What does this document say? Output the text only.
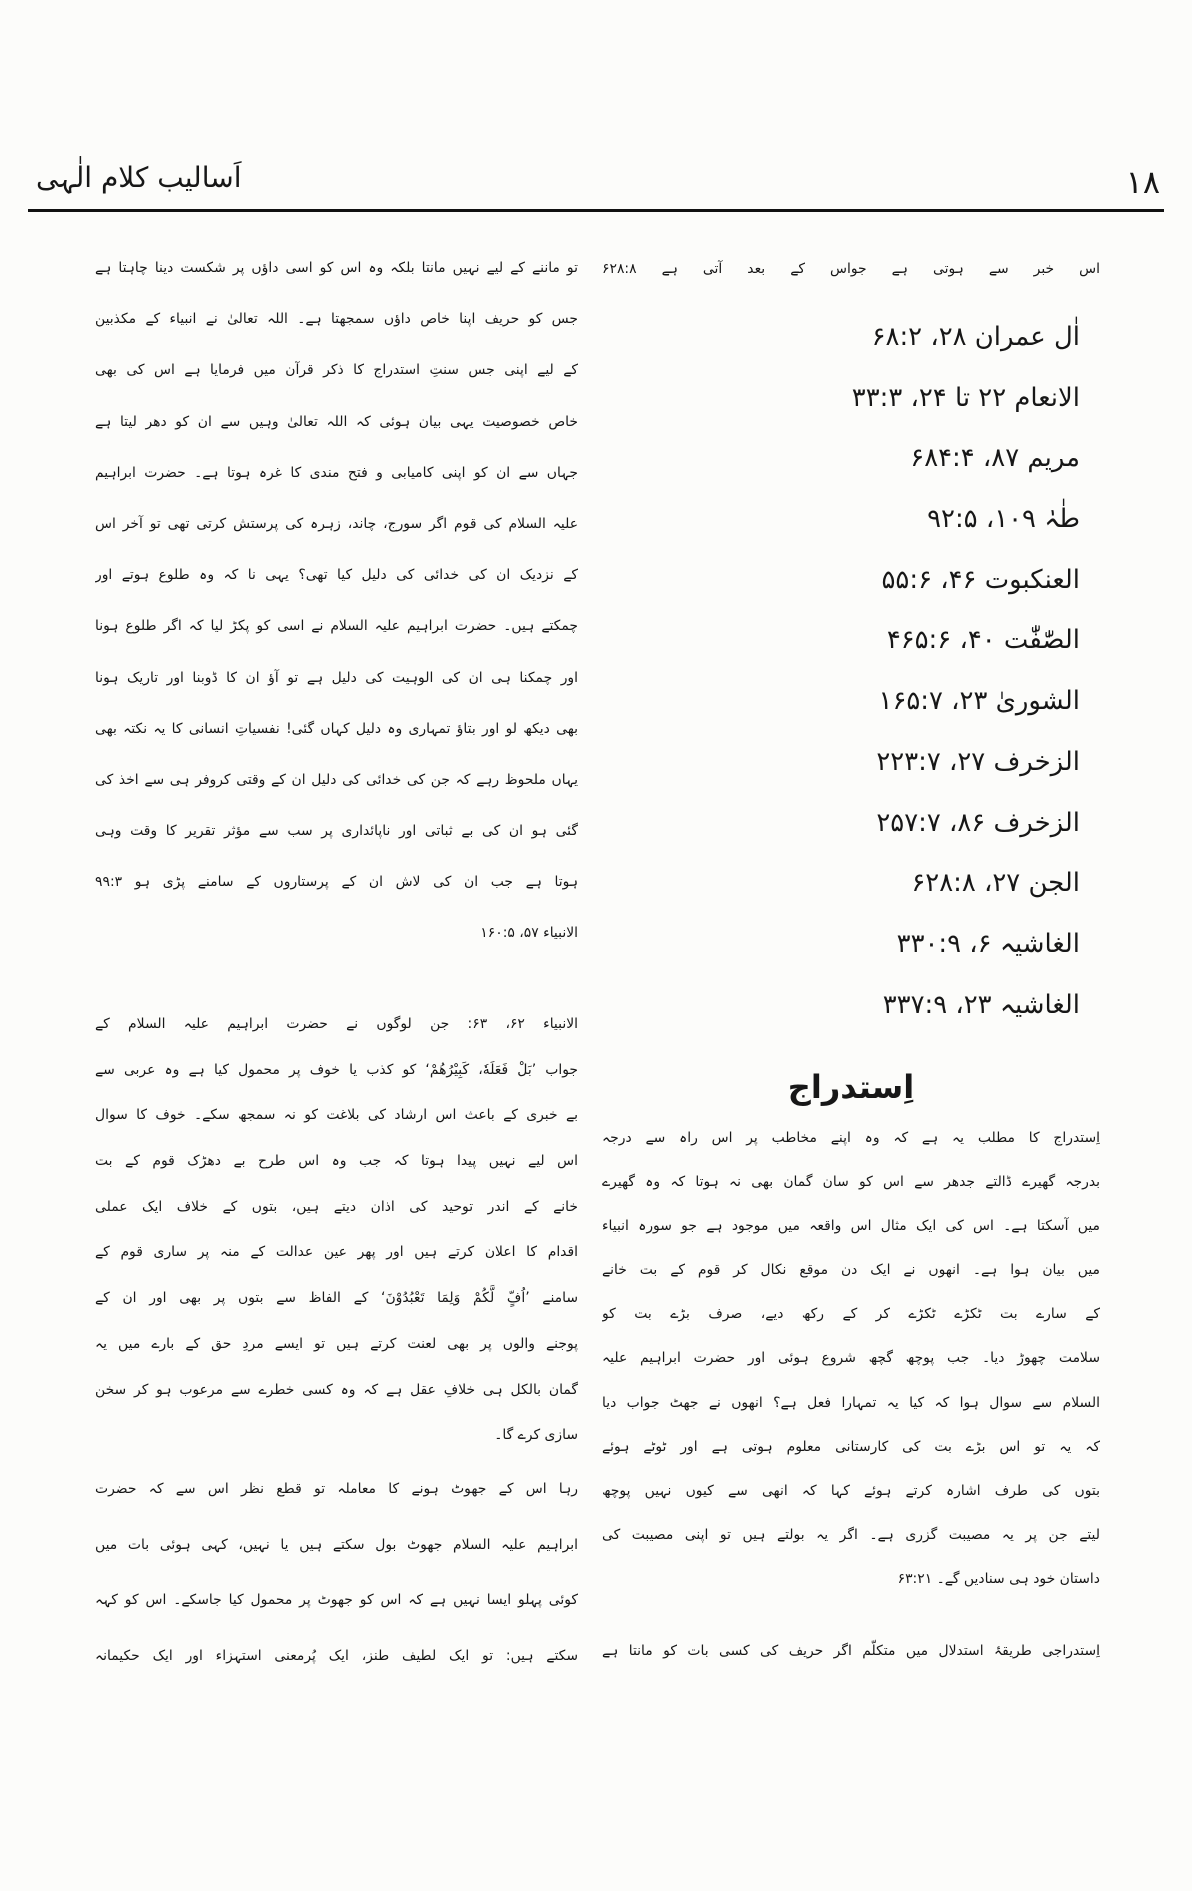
اَسالیب کلام الٰہی	۱۸
اس خبر سے ہوتی ہے جواس کے بعد آتی ہے ۶۲۸:۸
اٰل عمران ۲۸، ۶۸:۲
الانعام ۲۲ تا ۲۴، ۳۳:۳
مریم ۸۷، ۶۸۴:۴
طٰہٰ ۱۰۹، ۹۲:۵
العنکبوت ۴۶، ۵۵:۶
الصّٰفّٰت ۴۰، ۴۶۵:۶
الشوریٰ ۲۳، ۱۶۵:۷
الزخرف ۲۷، ۲۲۳:۷
الزخرف ۸۶، ۲۵۷:۷
الجن ۲۷، ۶۲۸:۸
الغاشیہ ۶، ۳۳۰:۹
الغاشیہ ۲۳، ۳۳۷:۹
اِستدراج
اِستدراج کا مطلب یہ ہے کہ وہ اپنے مخاطب پر اس راہ سے درجہ
بدرجہ گھیرے ڈالتے جدھر سے اس کو سان گمان بھی نہ ہوتا کہ وہ گھیرے
میں آسکتا ہے۔ اس کی ایک مثال اس واقعہ میں موجود ہے جو سورہ انبیاء
میں بیان ہوا ہے۔ انھوں نے ایک دن موقع نکال کر قوم کے بت خانے
کے سارے بت ٹکڑے ٹکڑے کر کے رکھ دیے، صرف بڑے بت کو
سلامت چھوڑ دیا۔ جب پوچھ گچھ شروع ہوئی اور حضرت ابراہیم علیہ
السلام سے سوال ہوا کہ کیا یہ تمہارا فعل ہے؟ انھوں نے جھٹ جواب دیا
کہ یہ تو اس بڑے بت کی کارستانی معلوم ہوتی ہے اور ٹوٹے ہوئے
بتوں کی طرف اشارہ کرتے ہوئے کہا کہ انھی سے کیوں نہیں پوچھ
لیتے جن پر یہ مصیبت گزری ہے۔ اگر یہ بولتے ہیں تو اپنی مصیبت کی
داستان خود ہی سنادیں گے۔ ۶۳:۲۱
اِستدراجی طریقۂ استدلال میں متکلّم اگر حریف کی کسی بات کو مانتا ہے
تو ماننے کے لیے نہیں مانتا بلکہ وہ اس کو اسی داؤں پر شکست دینا چاہتا ہے
جس کو حریف اپنا خاص داؤں سمجھتا ہے۔ اللہ تعالیٰ نے انبیاء کے مکذبین
کے لیے اپنی جس سنتِ استدراج کا ذکر قرآن میں فرمایا ہے اس کی بھی
خاص خصوصیت یہی بیان ہوئی کہ اللہ تعالیٰ وہیں سے ان کو دھر لیتا ہے
جہاں سے ان کو اپنی کامیابی و فتح مندی کا غرہ ہوتا ہے۔ حضرت ابراہیم
علیہ السلام کی قوم اگر سورج، چاند، زہرہ کی پرستش کرتی تھی تو آخر اس
کے نزدیک ان کی خدائی کی دلیل کیا تھی؟ یہی نا کہ وہ طلوع ہوتے اور
چمکتے ہیں۔ حضرت ابراہیم علیہ السلام نے اسی کو پکڑ لیا کہ اگر طلوع ہونا
اور چمکنا ہی ان کی الوہیت کی دلیل ہے تو آؤ ان کا ڈوبنا اور تاریک ہونا
بھی دیکھ لو اور بتاؤ تمہاری وہ دلیل کہاں گئی! نفسیاتِ انسانی کا یہ نکتہ بھی
یہاں ملحوظ رہے کہ جن کی خدائی کی دلیل ان کے وقتی کروفر ہی سے اخذ کی
گئی ہو ان کی بے ثباتی اور ناپائداری پر سب سے مؤثر تقریر کا وقت وہی
ہوتا ہے جب ان کی لاش ان کے پرستاروں کے سامنے پڑی ہو ۹۹:۳
الانبیاء ۵۷، ۱۶۰:۵
الانبیاء ۶۲، ۶۳: جن لوگوں نے حضرت ابراہیم علیہ السلام کے
جواب ’بَلْ فَعَلَهٗ، كَبِيْرُهُمْ‘ کو کذب یا خوف پر محمول کیا ہے وہ عربی سے
بے خبری کے باعث اس ارشاد کی بلاغت کو نہ سمجھ سکے۔ خوف کا سوال
اس لیے نہیں پیدا ہوتا کہ جب وہ اس طرح بے دھڑک قوم کے بت
خانے کے اندر توحید کی اذان دیتے ہیں، بتوں کے خلاف ایک عملی
اقدام کا اعلان کرتے ہیں اور پھر عین عدالت کے منہ پر ساری قوم کے
سامنے ’اُفٍّ لَّكُمْ وَلِمَا تَعْبُدُوْنَ‘ کے الفاظ سے بتوں پر بھی اور ان کے
پوجنے والوں پر بھی لعنت کرتے ہیں تو ایسے مردِ حق کے بارے میں یہ
گمان بالکل ہی خلافِ عقل ہے کہ وہ کسی خطرے سے مرعوب ہو کر سخن
سازی کرے گا۔
رہا اس کے جھوٹ ہونے کا معاملہ تو قطع نظر اس سے کہ حضرت
ابراہیم علیہ السلام جھوٹ بول سکتے ہیں یا نہیں، کہی ہوئی بات میں
کوئی پہلو ایسا نہیں ہے کہ اس کو جھوٹ پر محمول کیا جاسکے۔ اس کو کہہ
سکتے ہیں: تو ایک لطیف طنز، ایک پُرمعنی استہزاء اور ایک حکیمانہ
